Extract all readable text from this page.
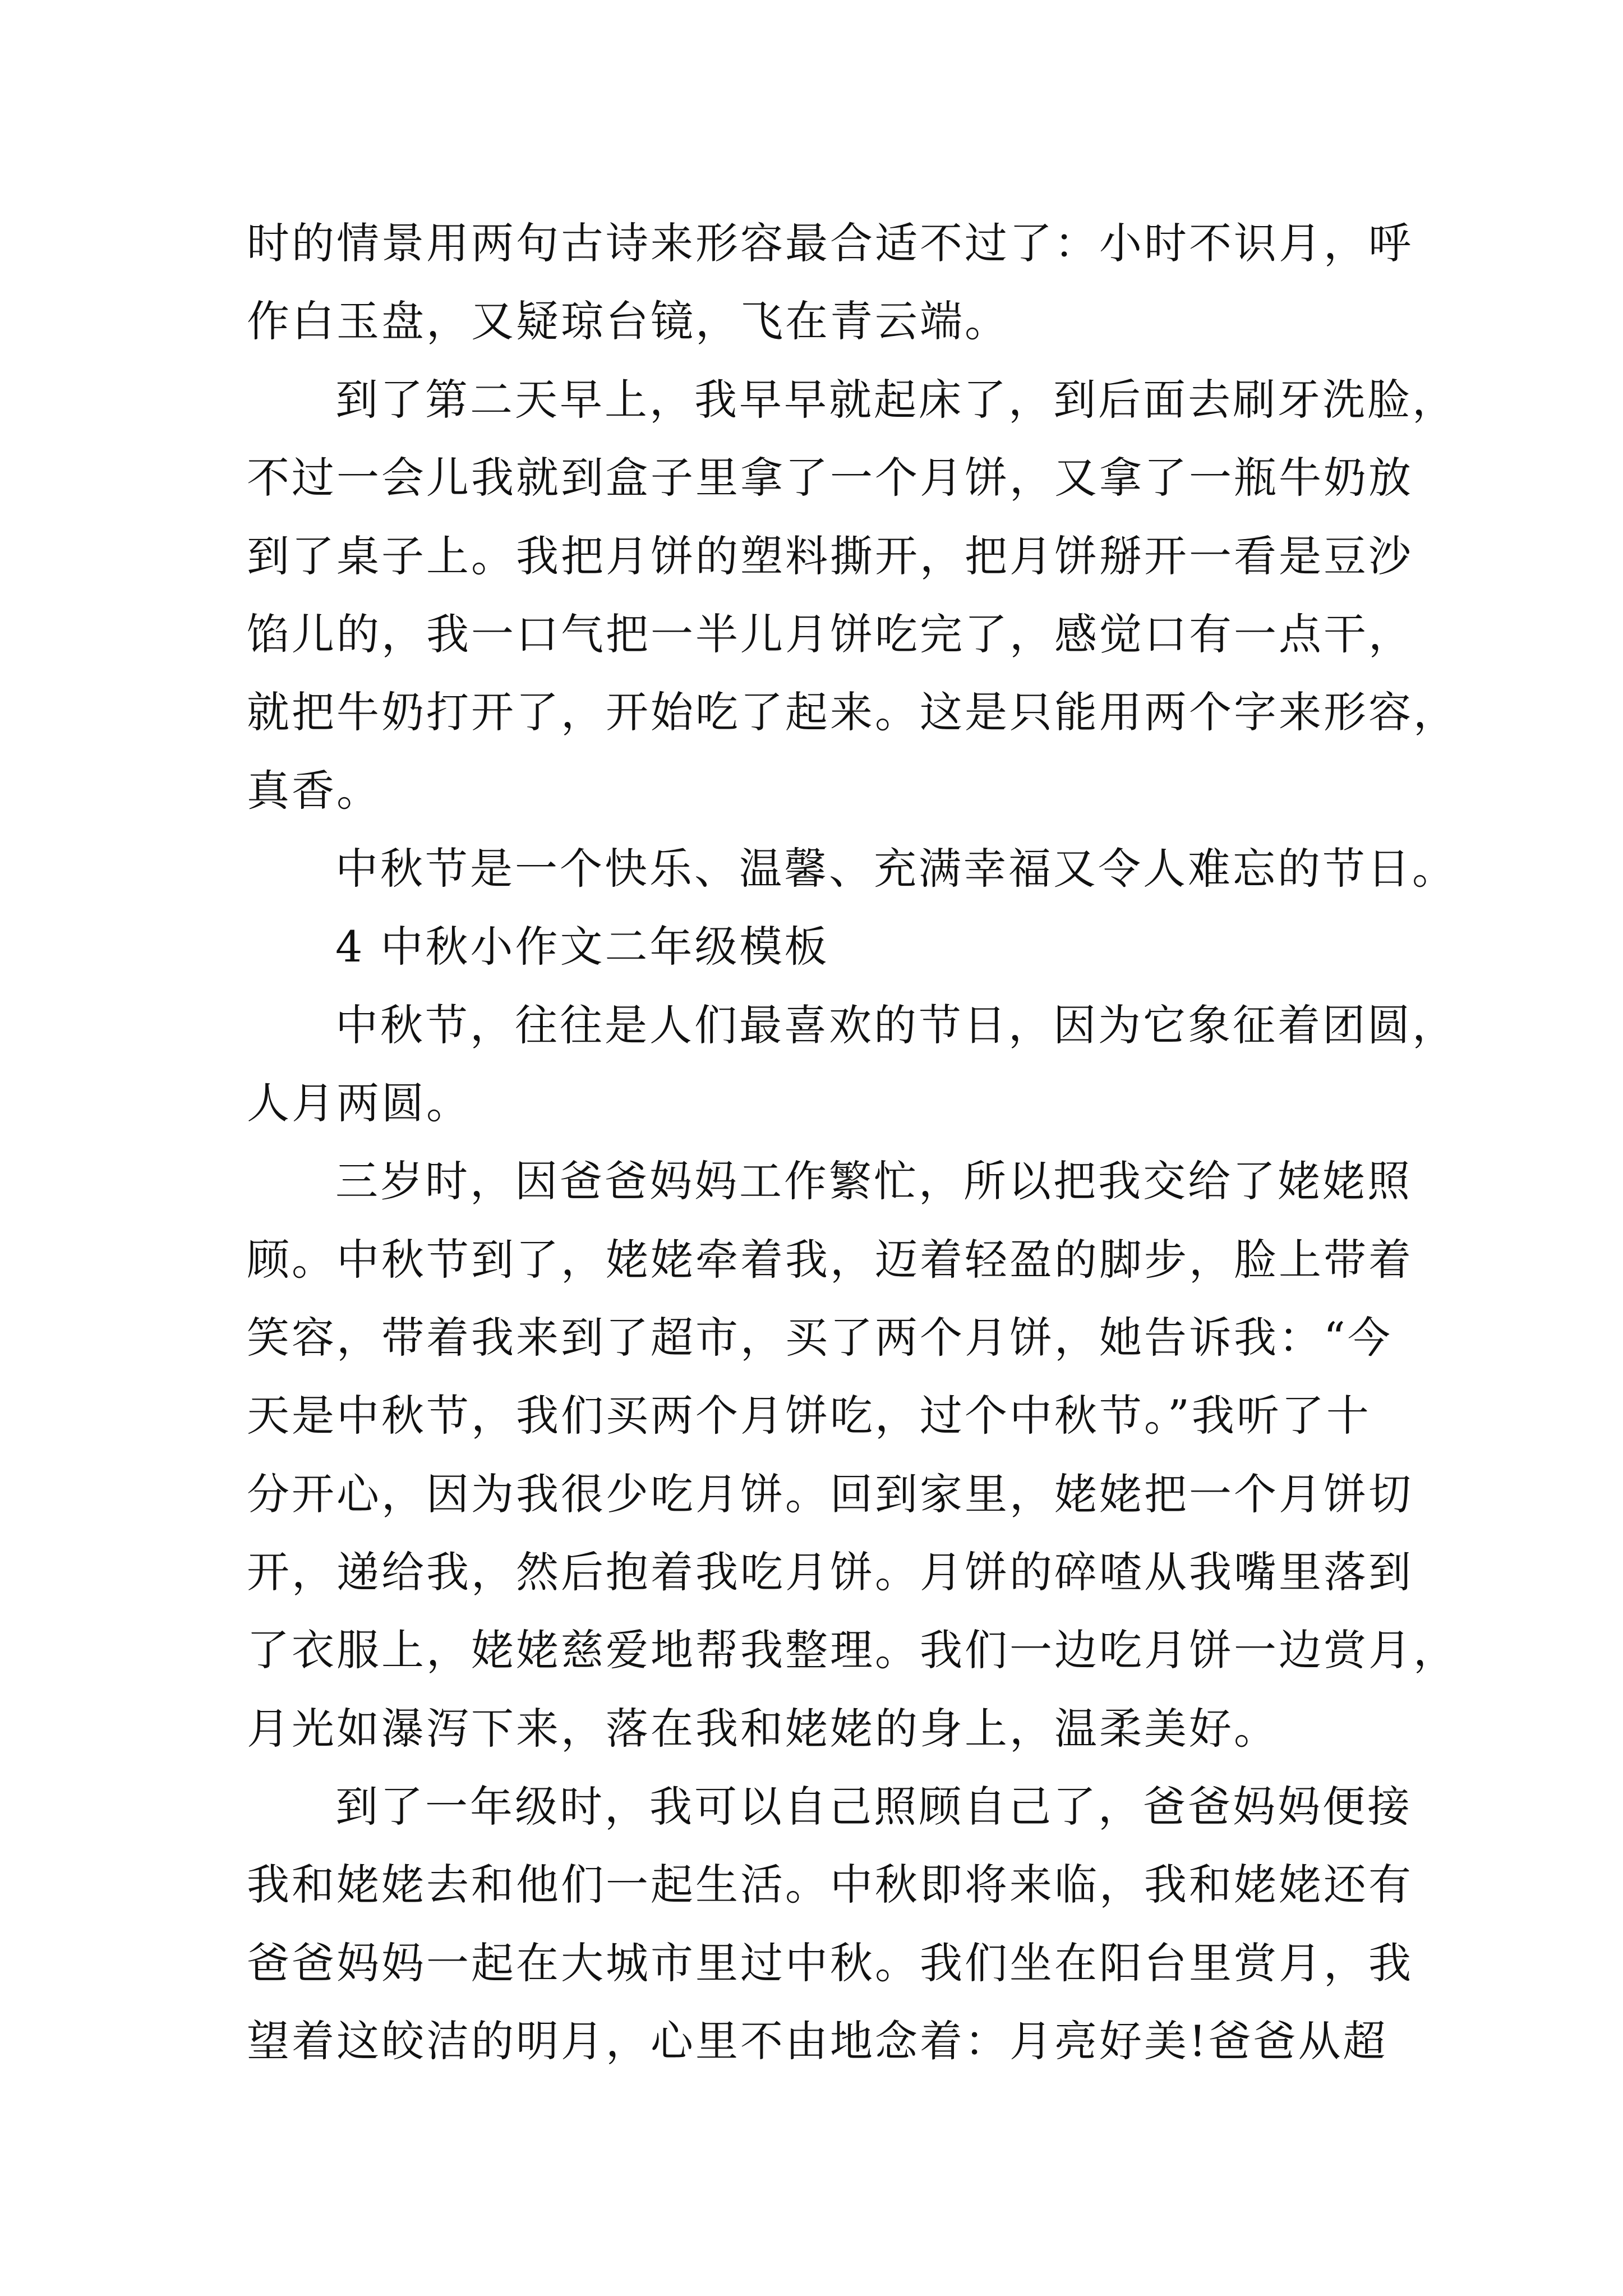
时的情景用两句古诗来形容最合适不过了：小时不识月，呼
作白玉盘，又疑琼台镜，飞在青云端。
到了第二天早上，我早早就起床了，到后面去刷牙洗脸，
不过一会儿我就到盒子里拿了一个月饼，又拿了一瓶牛奶放
到了桌子上。我把月饼的塑料撕开，把月饼掰开一看是豆沙
馅儿的，我一口气把一半儿月饼吃完了，感觉口有一点干，
就把牛奶打开了，开始吃了起来。这是只能用两个字来形容，
真香。
中秋节是一个快乐、温馨、充满幸福又令人难忘的节日。
4 中秋小作文二年级模板
中秋节，往往是人们最喜欢的节日，因为它象征着团圆，
人月两圆。
三岁时，因爸爸妈妈工作繁忙，所以把我交给了姥姥照
顾。中秋节到了，姥姥牵着我，迈着轻盈的脚步，脸上带着
笑容，带着我来到了超市，买了两个月饼，她告诉我：“今
天是中秋节，我们买两个月饼吃，过个中秋节。”我听了十
分开心，因为我很少吃月饼。回到家里，姥姥把一个月饼切
开，递给我，然后抱着我吃月饼。月饼的碎喳从我嘴里落到
了衣服上，姥姥慈爱地帮我整理。我们一边吃月饼一边赏月，
月光如瀑泻下来，落在我和姥姥的身上，温柔美好。
到了一年级时，我可以自己照顾自己了，爸爸妈妈便接
我和姥姥去和他们一起生活。中秋即将来临，我和姥姥还有
爸爸妈妈一起在大城市里过中秋。我们坐在阳台里赏月，我
望着这皎洁的明月，心里不由地念着：月亮好美!爸爸从超
